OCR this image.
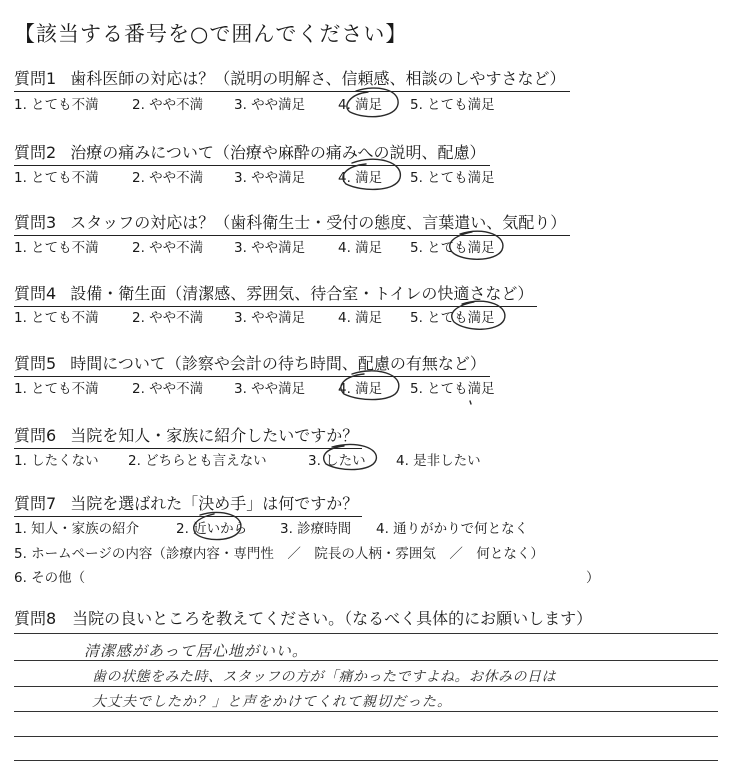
【該当する番号を○で囲んでください】
質問1 歯科医師の対応は？（説明の明解さ、信頼感、相談のしやすさなど）
1. とても不満 2. やや不満 3. やや満足 4. 満足 5. とても満足
質問2 治療の痛みについて（治療や麻酔の痛みへの説明、配慮）
1. とても不満 2. やや不満 3. やや満足 4. 満足 5. とても満足
質問3 スタッフの対応は？（歯科衛生士・受付の態度、言葉遣い、気配り）
1. とても不満 2. やや不満 3. やや満足 4. 満足 5. とても満足
質問4 設備・衛生面（清潔感、雰囲気、待合室・トイレの快適さなど）
1. とても不満 2. やや不満 3. やや満足 4. 満足 5. とても満足
質問5 時間について（診察や会計の待ち時間、配慮の有無など）
1. とても不満 2. やや不満 3. やや満足 4. 満足 5. とても満足
質問6 当院を知人・家族に紹介したいですか？
1. したくない 2. どちらとも言えない	3. したい 4. 是非したい
質問7 当院を選ばれた「決め手」は何ですか？
1. 知人・家族の紹介	2. 近いから 3. 診療時間 4. 通りがかりで何となく
5. ホームページの内容（診療内容・専門性　／　院長の人柄・雰囲気　／　何となく）
6. その他（	）
質問8　当院の良いところを教えてください。（なるべく具体的にお願いします）
清潔感があって居心地がいい。
歯の状態をみた時、スタッフの方が「痛かったですよね。お休みの日は
大丈夫でしたか？」と声をかけてくれて親切だった。
